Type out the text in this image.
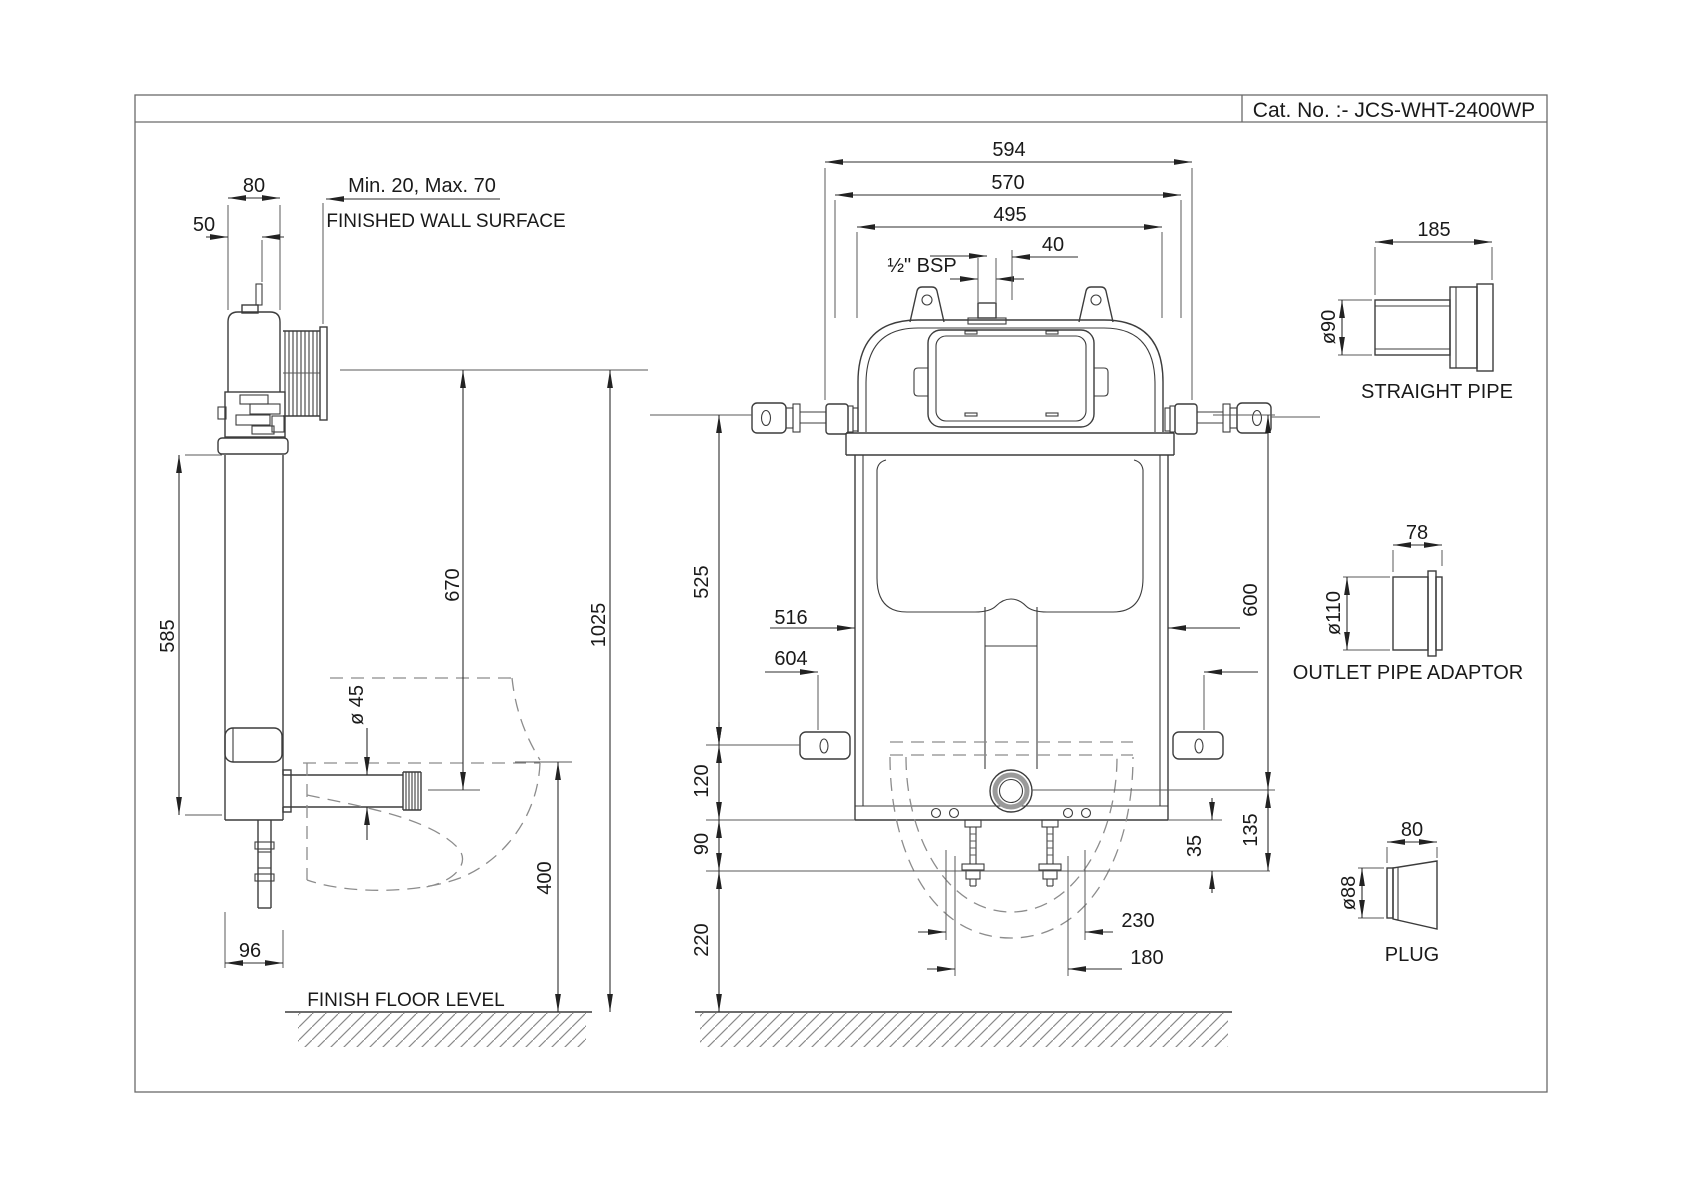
Cat. No. :- JCS-WHT-2400WP
FINISH FLOOR LEVEL
80
50
Min. 20, Max. 70
FINISHED WALL SURFACE
585
670
1025
400
ø 45
96
594
570
495
½" BSP
40
525
516
604
120
90
220
600
135
35
230
180
185
ø90
STRAIGHT PIPE
78
ø110
OUTLET PIPE ADAPTOR
80
ø88
PLUG
